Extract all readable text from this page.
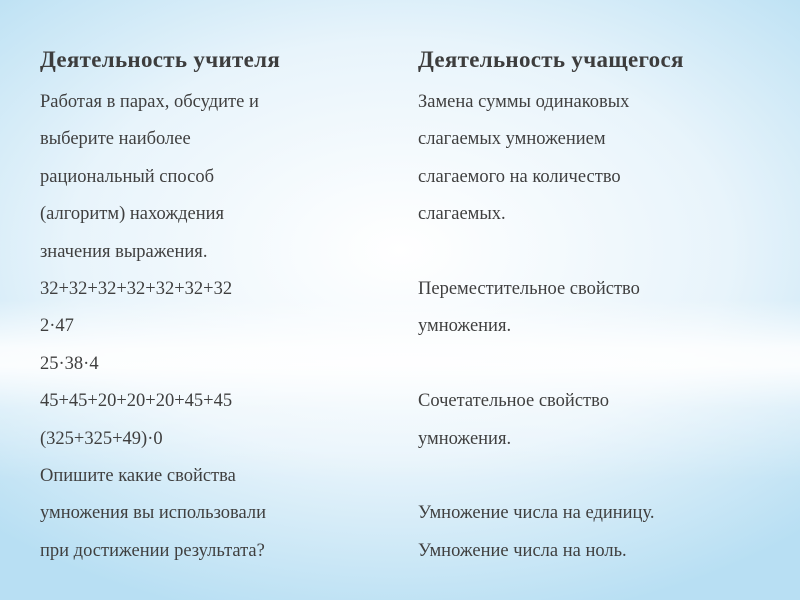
Деятельность учителя
Работая в парах, обсудите и
выберите наиболее
рациональный способ
(алгоритм) нахождения
значения выражения.
32+32+32+32+32+32+32
2·47
25·38·4
45+45+20+20+20+45+45
(325+325+49)·0
Опишите какие свойства
умножения вы использовали
при достижении результата?
Деятельность учащегося
Замена суммы одинаковых
слагаемых умножением
слагаемого на количество
слагаемых.
Переместительное свойство
умножения.
Сочетательное свойство
умножения.
Умножение числа на единицу.
Умножение числа на ноль.
